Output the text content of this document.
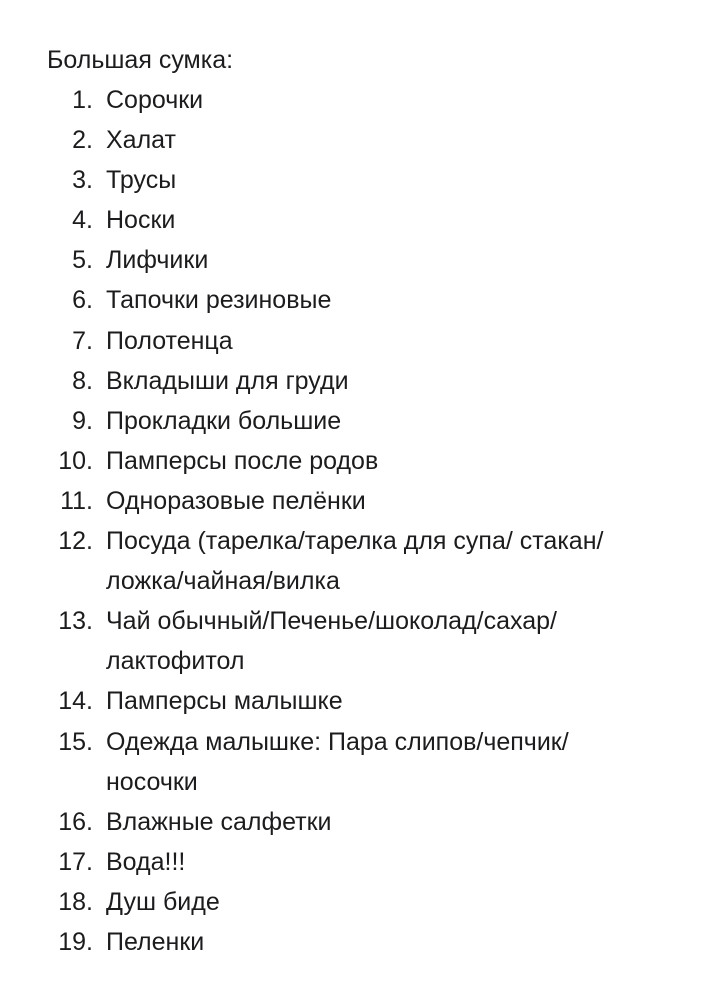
Большая сумка:
1. Сорочки
2. Халат
3. Трусы
4. Носки
5. Лифчики
6. Тапочки резиновые
7. Полотенца
8. Вкладыши для груди
9. Прокладки большие
10. Памперсы после родов
11. Одноразовые пелёнки
12. Посуда (тарелка/тарелка для супа/ стакан/ложка/чайная/вилка
13. Чай обычный/Печенье/шоколад/сахар/ лактофитол
14. Памперсы малышке
15. Одежда малышке: Пара слипов/чепчик/ носочки
16. Влажные салфетки
17. Вода!!!
18. Душ биде
19. Пеленки
